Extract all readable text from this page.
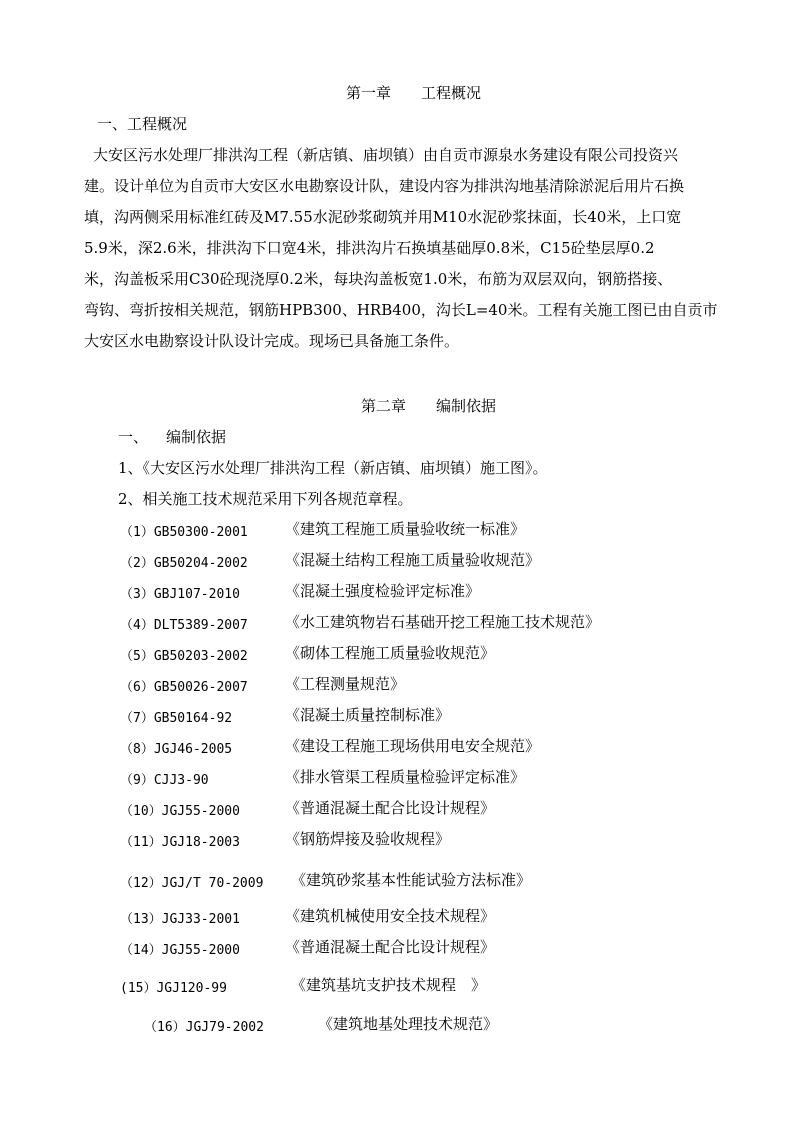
第一章 工程概况
一、工程概况
大安区污水处理厂排洪沟工程（新店镇、庙坝镇）由自贡市源泉水务建设有限公司投资兴
建。设计单位为自贡市大安区水电勘察设计队，建设内容为排洪沟地基清除淤泥后用片石换
填，沟两侧采用标准红砖及M7.55水泥砂浆砌筑并用M10水泥砂浆抹面，长40米，上口宽
5.9米，深2.6米，排洪沟下口宽4米，排洪沟片石换填基础厚0.8米，C15砼垫层厚0.2
米，沟盖板采用C30砼现浇厚0.2米，每块沟盖板宽1.0米，布筋为双层双向，钢筋搭接、
弯钩、弯折按相关规范，钢筋HPB300、HRB400，沟长L=40米。工程有关施工图已由自贡市
大安区水电勘察设计队设计完成。现场已具备施工条件。
第二章 编制依据
一、 编制依据
1、《大安区污水处理厂排洪沟工程（新店镇、庙坝镇）施工图》。
2、相关施工技术规范采用下列各规范章程。
（1）GB50300-2001 《建筑工程施工质量验收统一标准》
（2）GB50204-2002 《混凝土结构工程施工质量验收规范》
（3）GBJ107-2010	《混凝土强度检验评定标准》
（4）DLT5389-2007 《水工建筑物岩石基础开挖工程施工技术规范》
（5）GB50203-2002 《砌体工程施工质量验收规范》
（6）GB50026-2007 《工程测量规范》
（7）GB50164-92	《混凝土质量控制标准》
（8）JGJ46-2005	《建设工程施工现场供用电安全规范》
（9）CJJ3-90	《排水管渠工程质量检验评定标准》
（10）JGJ55-2000	《普通混凝土配合比设计规程》
（11）JGJ18-2003	《钢筋焊接及验收规程》
（12）JGJ/T 70-2009 《建筑砂浆基本性能试验方法标准》
（13）JGJ33-2001	《建筑机械使用安全技术规程》
（14）JGJ55-2000	《普通混凝土配合比设计规程》
(15）JGJ120-99	《建筑基坑支护技术规程　》
（16）JGJ79-2002	《建筑地基处理技术规范》
